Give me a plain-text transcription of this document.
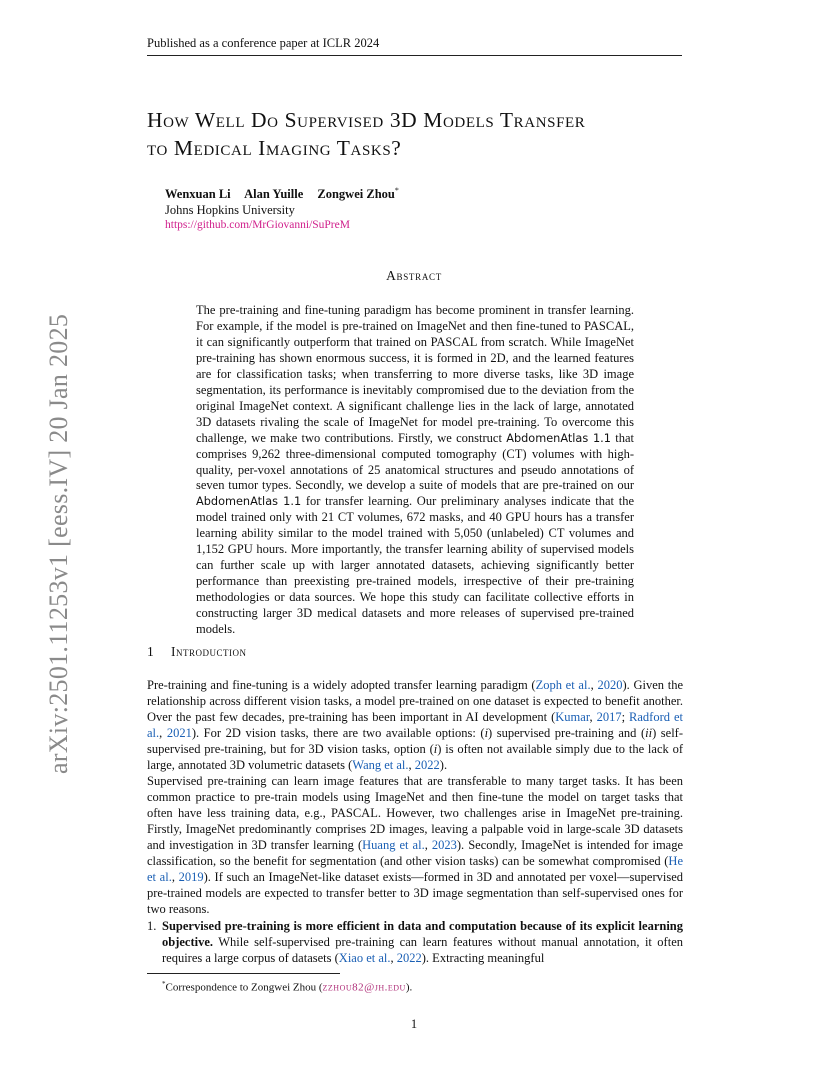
Published as a conference paper at ICLR 2024
How Well Do Supervised 3D Models Transfer
to Medical Imaging Tasks?
Wenxuan Li Alan Yuille Zongwei Zhou*
Johns Hopkins University
https://github.com/MrGiovanni/SuPreM
arXiv:2501.11253v1 [eess.IV] 20 Jan 2025
Abstract
The pre-training and fine-tuning paradigm has become prominent in transfer learning. For example, if the model is pre-trained on ImageNet and then fine-tuned to PASCAL, it can significantly outperform that trained on PASCAL from scratch. While ImageNet pre-training has shown enormous success, it is formed in 2D, and the learned features are for classification tasks; when transferring to more diverse tasks, like 3D image segmentation, its performance is inevitably compromised due to the deviation from the original ImageNet context. A significant challenge lies in the lack of large, annotated 3D datasets rivaling the scale of ImageNet for model pre-training. To overcome this challenge, we make two contributions. Firstly, we construct AbdomenAtlas 1.1 that comprises 9,262 three-dimensional computed tomography (CT) volumes with high-quality, per-voxel annotations of 25 anatomical structures and pseudo annotations of seven tumor types. Secondly, we develop a suite of models that are pre-trained on our AbdomenAtlas 1.1 for transfer learning. Our preliminary analyses indicate that the model trained only with 21 CT volumes, 672 masks, and 40 GPU hours has a transfer learning ability similar to the model trained with 5,050 (unlabeled) CT volumes and 1,152 GPU hours. More importantly, the transfer learning ability of supervised models can further scale up with larger annotated datasets, achieving significantly better performance than preexisting pre-trained models, irrespective of their pre-training methodologies or data sources. We hope this study can facilitate collective efforts in constructing larger 3D medical datasets and more releases of supervised pre-trained models.
1 Introduction

Pre-training and fine-tuning is a widely adopted transfer learning paradigm (Zoph et al., 2020). Given the relationship across different vision tasks, a model pre-trained on one dataset is expected to benefit another. Over the past few decades, pre-training has been important in AI development (Kumar, 2017; Radford et al., 2021). For 2D vision tasks, there are two available options: (i) supervised pre-training and (ii) self-supervised pre-training, but for 3D vision tasks, option (i) is often not available simply due to the lack of large, annotated 3D volumetric datasets (Wang et al., 2022).

Supervised pre-training can learn image features that are transferable to many target tasks. It has been common practice to pre-train models using ImageNet and then fine-tune the model on target tasks that often have less training data, e.g., PASCAL. However, two challenges arise in ImageNet pre-training. Firstly, ImageNet predominantly comprises 2D images, leaving a palpable void in large-scale 3D datasets and investigation in 3D transfer learning (Huang et al., 2023). Secondly, ImageNet is intended for image classification, so the benefit for segmentation (and other vision tasks) can be somewhat compromised (He et al., 2019). If such an ImageNet-like dataset exists—formed in 3D and annotated per voxel—supervised pre-trained models are expected to transfer better to 3D image segmentation than self-supervised ones for two reasons.

1. Supervised pre-training is more efficient in data and computation because of its explicit learning objective. While self-supervised pre-training can learn features without manual annotation, it often requires a large corpus of datasets (Xiao et al., 2022). Extracting meaningful
*Correspondence to Zongwei Zhou (zzhou82@jh.edu).
1
